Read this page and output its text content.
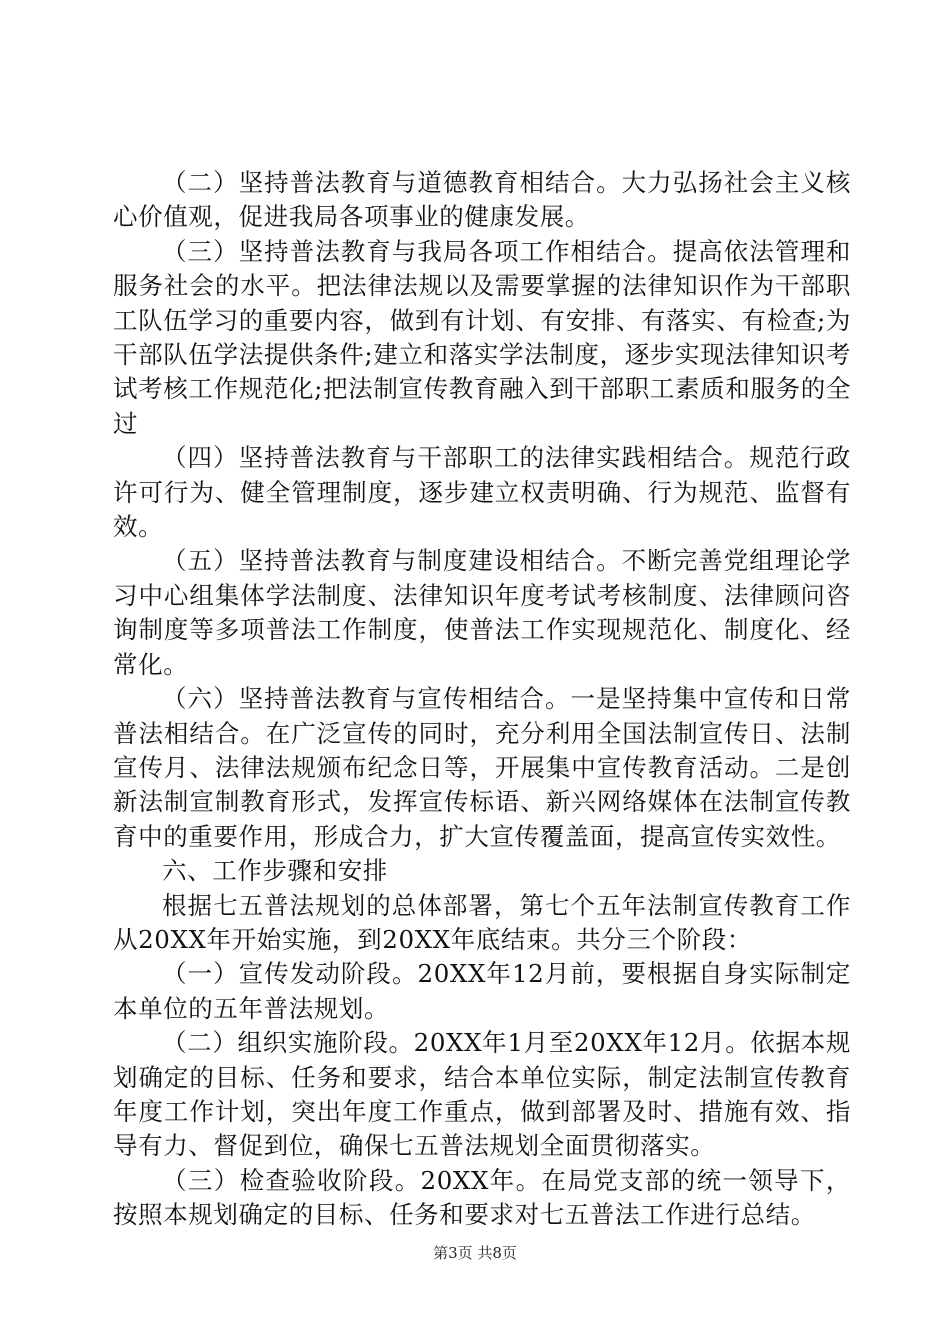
（二）坚持普法教育与道德教育相结合。大力弘扬社会主义核心价值观，促进我局各项事业的健康发展。

（三）坚持普法教育与我局各项工作相结合。提高依法管理和服务社会的水平。把法律法规以及需要掌握的法律知识作为干部职工队伍学习的重要内容，做到有计划、有安排、有落实、有检查;为干部队伍学法提供条件;建立和落实学法制度，逐步实现法律知识考试考核工作规范化;把法制宣传教育融入到干部职工素质和服务的全过

（四）坚持普法教育与干部职工的法律实践相结合。规范行政许可行为、健全管理制度，逐步建立权责明确、行为规范、监督有效。

（五）坚持普法教育与制度建设相结合。不断完善党组理论学习中心组集体学法制度、法律知识年度考试考核制度、法律顾问咨询制度等多项普法工作制度，使普法工作实现规范化、制度化、经常化。

（六）坚持普法教育与宣传相结合。一是坚持集中宣传和日常普法相结合。在广泛宣传的同时，充分利用全国法制宣传日、法制宣传月、法律法规颁布纪念日等，开展集中宣传教育活动。二是创新法制宣制教育形式，发挥宣传标语、新兴网络媒体在法制宣传教育中的重要作用，形成合力，扩大宣传覆盖面，提高宣传实效性。

六、工作步骤和安排

根据七五普法规划的总体部署，第七个五年法制宣传教育工作从20XX年开始实施，到20XX年底结束。共分三个阶段：

（一）宣传发动阶段。20XX年12月前，要根据自身实际制定本单位的五年普法规划。

（二）组织实施阶段。20XX年1月至20XX年12月。依据本规划确定的目标、任务和要求，结合本单位实际，制定法制宣传教育年度工作计划，突出年度工作重点，做到部署及时、措施有效、指导有力、督促到位，确保七五普法规划全面贯彻落实。

（三）检查验收阶段。20XX年。在局党支部的统一领导下，按照本规划确定的目标、任务和要求对七五普法工作进行总结。

第3页 共8页
